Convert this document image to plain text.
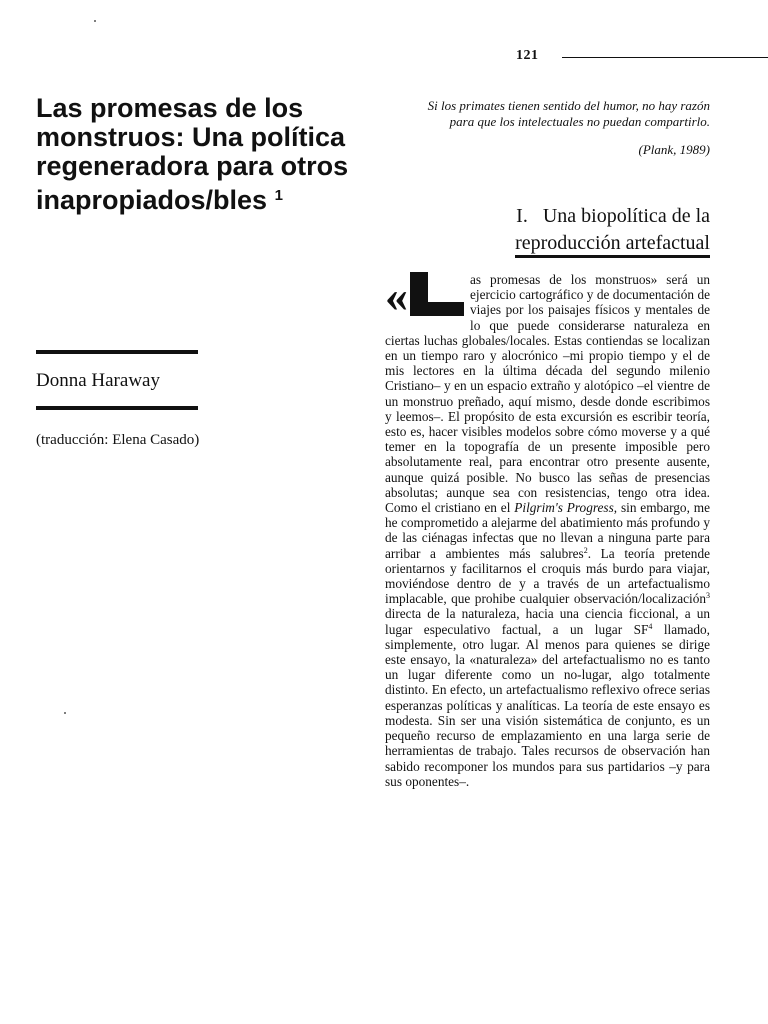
121
Las promesas de los monstruos: Una política regeneradora para otros inapropiados/bles $^1$
Donna Haraway
(traducción: Elena Casado)
Si los primates tienen sentido del humor, no hay razón para que los intelectuales no puedan compartirlo.
(Plank, 1989)
I.   Una biopolítica de la
reproducción artefactual
«	as promesas de los monstruos» será un ejercicio cartográfico y de documentación de viajes por los paisajes físicos y mentales de lo que puede considerarse naturaleza en ciertas luchas globales/locales. Estas contiendas se localizan en un tiempo raro y alocrónico –mi propio tiempo y el de mis lectores en la última década del segundo milenio Cristiano– y en un espacio extraño y alotópico –el vientre de un monstruo preñado, aquí mismo, desde donde escribimos y leemos–. El propósito de esta excursión es escribir teoría, esto es, hacer visibles modelos sobre cómo moverse y a qué temer en la topografía de un presente imposible pero absolutamente real, para encontrar otro presente ausente, aunque quizá posible. No busco las señas de presencias absolutas; aunque sea con resistencias, tengo otra idea. Como el cristiano en el Pilgrim's Progress, sin embargo, me he comprometido a alejarme del abatimiento más profundo y de las ciénagas infectas que no llevan a ninguna parte para arribar a ambientes más salubres$^2$. La teoría pretende orientarnos y facilitarnos el croquis más burdo para viajar, moviéndose dentro de y a través de un artefactualismo implacable, que prohibe cualquier observación/localización$^3$ directa de la naturaleza, hacia una ciencia ficcional, a un lugar especulativo factual, a un lugar SF$^4$ llamado, simplemente, otro lugar. Al menos para quienes se dirige este ensayo, la «naturaleza» del artefactualismo no es tanto un lugar diferente como un no-lugar, algo totalmente distinto. En efecto, un artefactualismo reflexivo ofrece serias esperanzas políticas y analíticas. La teoría de este ensayo es modesta. Sin ser una visión sistemática de conjunto, es un pequeño recurso de emplazamiento en una larga serie de herramientas de trabajo. Tales recursos de observación han sabido recomponer los mundos para sus partidarios –y para sus oponentes–.
